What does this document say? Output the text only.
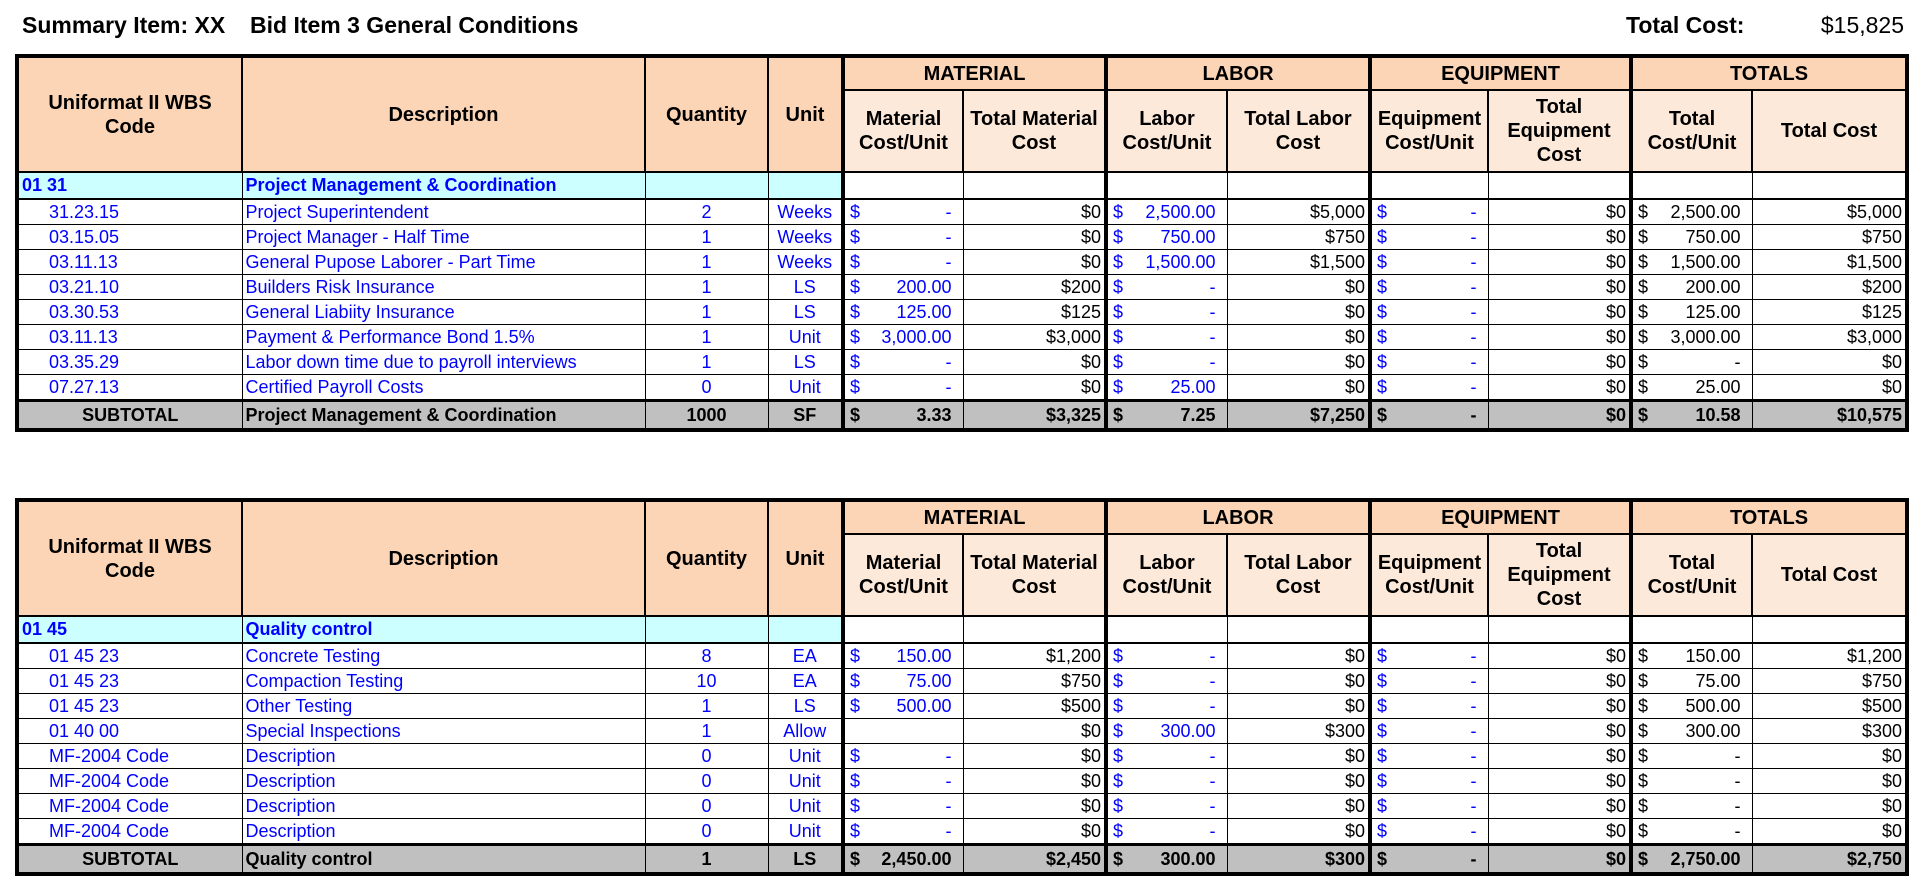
Summary Item: XX Bid Item 3 General Conditions	Total Cost:	$15,825
Uniformat II WBS Code	Description	Quantity	Unit	MATERIAL		LABOR		EQUIPMENT		TOTALS	
				Material Cost/Unit	Total Material Cost	Labor Cost/Unit	Total Labor Cost	Equipment Cost/Unit	Total Equipment Cost	Total Cost/Unit	Total Cost
01 31	Project Management & Coordination										
31.23.15	Project Superintendent	2	Weeks	$ -	$0	$ 2,500.00	$5,000	$ -	$0	$ 2,500.00	$5,000
03.15.05	Project Manager - Half Time	1	Weeks	$ -	$0	$ 750.00	$750	$ -	$0	$ 750.00	$750
03.11.13	General Pupose Laborer - Part Time	1	Weeks	$ -	$0	$ 1,500.00	$1,500	$ -	$0	$ 1,500.00	$1,500
03.21.10	Builders Risk Insurance	1	LS	$ 200.00	$200	$ -	$0	$ -	$0	$ 200.00	$200
03.30.53	General Liabiity Insurance	1	LS	$ 125.00	$125	$ -	$0	$ -	$0	$ 125.00	$125
03.11.13	Payment & Performance Bond 1.5%	1	Unit	$ 3,000.00	$3,000	$ -	$0	$ -	$0	$ 3,000.00	$3,000
03.35.29	Labor down time due to payroll interviews	1	LS	$ -	$0	$ -	$0	$ -	$0	$ -	$0
07.27.13	Certified Payroll Costs	0	Unit	$ -	$0	$ 25.00	$0	$ -	$0	$ 25.00	$0
SUBTOTAL	Project Management & Coordination	1000	SF	$ 3.33	$3,325	$ 7.25	$7,250	$ -	$0	$ 10.58	$10,575
Uniformat II WBS Code	Description	Quantity	Unit	MATERIAL		LABOR		EQUIPMENT		TOTALS	
				Material Cost/Unit	Total Material Cost	Labor Cost/Unit	Total Labor Cost	Equipment Cost/Unit	Total Equipment Cost	Total Cost/Unit	Total Cost
01 45	Quality control										
01 45 23	Concrete Testing	8	EA	$ 150.00	$1,200	$ -	$0	$ -	$0	$ 150.00	$1,200
01 45 23	Compaction Testing	10	EA	$ 75.00	$750	$ -	$0	$ -	$0	$ 75.00	$750
01 45 23	Other Testing	1	LS	$ 500.00	$500	$ -	$0	$ -	$0	$ 500.00	$500
01 40 00	Special Inspections	1	Allow		$0	$ 300.00	$300	$ -	$0	$ 300.00	$300
MF-2004 Code	Description	0	Unit	$ -	$0	$ -	$0	$ -	$0	$ -	$0
MF-2004 Code	Description	0	Unit	$ -	$0	$ -	$0	$ -	$0	$ -	$0
MF-2004 Code	Description	0	Unit	$ -	$0	$ -	$0	$ -	$0	$ -	$0
MF-2004 Code	Description	0	Unit	$ -	$0	$ -	$0	$ -	$0	$ -	$0
SUBTOTAL	Quality control	1	LS	$ 2,450.00	$2,450	$ 300.00	$300	$ -	$0	$ 2,750.00	$2,750
